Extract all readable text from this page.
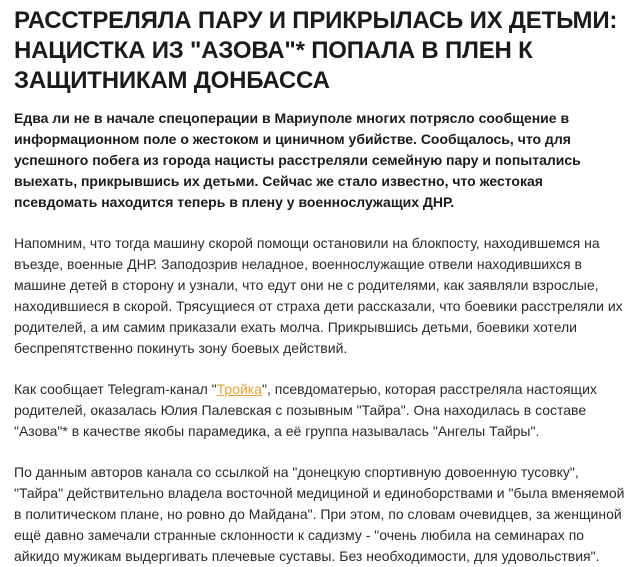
РАССТРЕЛЯЛА ПАРУ И ПРИКРЫЛАСЬ ИХ ДЕТЬМИ: НАЦИСТКА ИЗ "АЗОВА"* ПОПАЛА В ПЛЕН К ЗАЩИТНИКАМ ДОНБАССА

Едва ли не в начале спецоперации в Мариуполе многих потрясло сообщение в информационном поле о жестоком и циничном убийстве. Сообщалось, что для успешного побега из города нацисты расстреляли семейную пару и попытались выехать, прикрывшись их детьми. Сейчас же стало известно, что жестокая псевдомать находится теперь в плену у военнослужащих ДНР.

Напомним, что тогда машину скорой помощи остановили на блокпосту, находившемся на въезде, военные ДНР. Заподозрив неладное, военнослужащие отвели находившихся в машине детей в сторону и узнали, что едут они не с родителями, как заявляли взрослые, находившиеся в скорой. Трясущиеся от страха дети рассказали, что боевики расстреляли их родителей, а им самим приказали ехать молча. Прикрывшись детьми, боевики хотели беспрепятственно покинуть зону боевых действий.

Как сообщает Telegram-канал "Тройка", псевдоматерью, которая расстреляла настоящих родителей, оказалась Юлия Палевская с позывным "Тайра". Она находилась в составе "Азова"* в качестве якобы парамедика, а её группа называлась "Ангелы Тайры".

По данным авторов канала со ссылкой на "донецкую спортивную довоенную тусовку", "Тайра" действительно владела восточной медициной и единоборствами и "была вменяемой в политическом плане, но ровно до Майдана". При этом, по словам очевидцев, за женщиной ещё давно замечали странные склонности к садизму - "очень любила на семинарах по айкидо мужикам выдергивать плечевые суставы. Без необходимости, для удовольствия".
